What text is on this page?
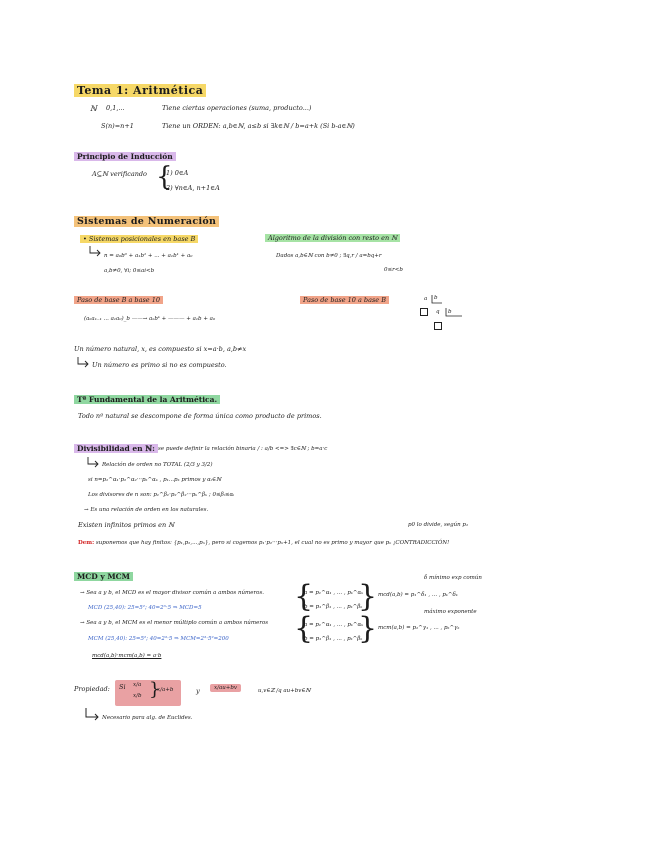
Tema 1: Aritmética
ℕ 0,1,...	Tiene ciertas operaciones (suma, producto...)
S(n)=n+1	Tiene un ORDEN: a,b∈ℕ, a≤b si ∃k∈ℕ / b=a+k (Si b-a∈ℕ)
Principio de Inducción
A⊆ℕ verificando {
1) 0∈A
2) ∀n∈A, n+1∈A
Sistemas de Numeración
• Sistemas posicionales en base B
n = a₀b⁰ + a₁b¹ + ... + a₁b¹ + a₀
a,b≠0, ∀i; 0≤ai<b
Algoritmo de la división con resto en ℕ
Dados a,b∈ℕ con b≠0 ; ∃q,r / a=bq+r
0≤r<b
Paso de base B a base 10
(aₖaₖ₋₁ ... a₁a₀)_b ——→ aₖbᵏ + ——— + a₁b + a₀
Paso de base 10 a base B	a b
q b
Un número natural, x, es compuesto si x=a·b, a,b≠x
Un número es primo si no es compuesto.
Tª Fundamental de la Aritmética.
Todo nº natural se descompone de forma única como producto de primos.
Divisibilidad en ℕ: se puede definir la relación binaria / : a/b <=> ∃c∈ℕ ; b=a·c
Relación de orden no TOTAL (2/3 y 3/2)
si n=p₁^α₁·p₂^α₂···pₖ^αₖ , p₁...pₖ primos y αᵢ∈ℕ
Los divisores de n son: p₁^β₁·p₂^β₂···pₖ^βₖ ; 0≤βᵢ≤αᵢ
→ Es una relación de orden en los naturales.
Existen infinitos primos en ℕ	p0 lo divide, según p₁
Dem: suponemos que hay finitos: {p₁,p₂,...,pₙ}, pero si cogemos p₁·p₂···pₙ+1, el cual no es primo y mayor que pₙ ¡CONTRADICCIÓN!
MCD y MCM
→ Sea a y b, el MCD es el mayor divisor común a ambos números.
MCD (25,40): 25=5²; 40=2³·5 ⇒ MCD=5
→ Sea a y b, el MCM es el menor múltiplo común a ambos números
MCM (25,40): 25=5²; 40=2³·5 ⇒ MCM=2³·5²=200
mcd(a,b)·mcm(a,b) = a·b
{
a = p₁^α₁ , ... , pₖ^αₖ
b = p₁^β₁ , ... , pₖ^βₖ
}
δ mínimo exp común
mcd(a,b) = p₁^δ₁ , ... , pₖ^δₖ
{
a = p₁^α₁ , ... , pₖ^αₖ
b = p₁^β₁ , ... , pₖ^βₖ
}	máximo exponente
mcm(a,b) = p₁^γ₁ , ... , pₖ^γₖ
Propiedad: Si x/a
x/b }
x/a+b	y	x/au+bv	u,v∈ℤ /q au+bv∈ℕ
Necesario para alg. de Euclides.
